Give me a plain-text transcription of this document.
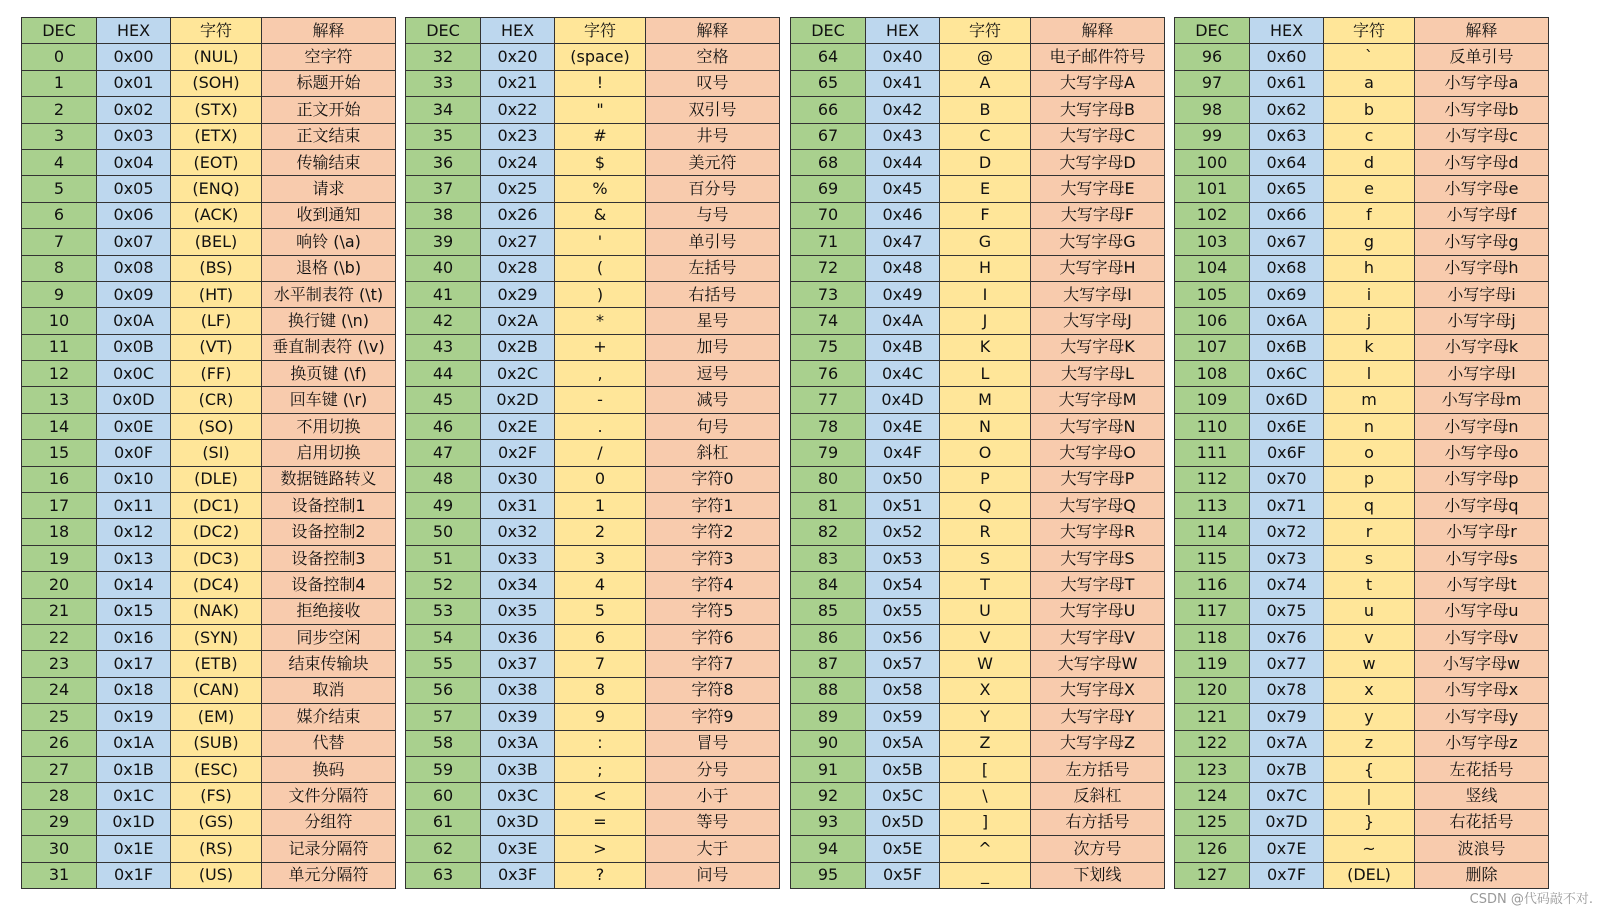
DEC	HEX	字符	解释
0	0x00	(NUL)	空字符
1	0x01	(SOH)	标题开始
2	0x02	(STX)	正文开始
3	0x03	(ETX)	正文结束
4	0x04	(EOT)	传输结束
5	0x05	(ENQ)	请求
6	0x06	(ACK)	收到通知
7	0x07	(BEL)	响铃 (\a)
8	0x08	(BS)	退格 (\b)
9	0x09	(HT)	水平制表符 (\t)
10	0x0A	(LF)	换行键 (\n)
11	0x0B	(VT)	垂直制表符 (\v)
12	0x0C	(FF)	换页键 (\f)
13	0x0D	(CR)	回车键 (\r)
14	0x0E	(SO)	不用切换
15	0x0F	(SI)	启用切换
16	0x10	(DLE)	数据链路转义
17	0x11	(DC1)	设备控制1
18	0x12	(DC2)	设备控制2
19	0x13	(DC3)	设备控制3
20	0x14	(DC4)	设备控制4
21	0x15	(NAK)	拒绝接收
22	0x16	(SYN)	同步空闲
23	0x17	(ETB)	结束传输块
24	0x18	(CAN)	取消
25	0x19	(EM)	媒介结束
26	0x1A	(SUB)	代替
27	0x1B	(ESC)	换码
28	0x1C	(FS)	文件分隔符
29	0x1D	(GS)	分组符
30	0x1E	(RS)	记录分隔符
31	0x1F	(US)	单元分隔符
DEC	HEX	字符	解释
32	0x20	(space)	空格
33	0x21	!	叹号
34	0x22	"	双引号
35	0x23	#	井号
36	0x24	$	美元符
37	0x25	%	百分号
38	0x26	&	与号
39	0x27	'	单引号
40	0x28	(	左括号
41	0x29	)	右括号
42	0x2A	*	星号
43	0x2B	+	加号
44	0x2C	,	逗号
45	0x2D	-	减号
46	0x2E	.	句号
47	0x2F	/	斜杠
48	0x30	0	字符0
49	0x31	1	字符1
50	0x32	2	字符2
51	0x33	3	字符3
52	0x34	4	字符4
53	0x35	5	字符5
54	0x36	6	字符6
55	0x37	7	字符7
56	0x38	8	字符8
57	0x39	9	字符9
58	0x3A	:	冒号
59	0x3B	;	分号
60	0x3C	<	小于
61	0x3D	=	等号
62	0x3E	>	大于
63	0x3F	?	问号
DEC	HEX	字符	解释
64	0x40	@	电子邮件符号
65	0x41	A	大写字母A
66	0x42	B	大写字母B
67	0x43	C	大写字母C
68	0x44	D	大写字母D
69	0x45	E	大写字母E
70	0x46	F	大写字母F
71	0x47	G	大写字母G
72	0x48	H	大写字母H
73	0x49	I	大写字母I
74	0x4A	J	大写字母J
75	0x4B	K	大写字母K
76	0x4C	L	大写字母L
77	0x4D	M	大写字母M
78	0x4E	N	大写字母N
79	0x4F	O	大写字母O
80	0x50	P	大写字母P
81	0x51	Q	大写字母Q
82	0x52	R	大写字母R
83	0x53	S	大写字母S
84	0x54	T	大写字母T
85	0x55	U	大写字母U
86	0x56	V	大写字母V
87	0x57	W	大写字母W
88	0x58	X	大写字母X
89	0x59	Y	大写字母Y
90	0x5A	Z	大写字母Z
91	0x5B	[	左方括号
92	0x5C	\	反斜杠
93	0x5D	]	右方括号
94	0x5E	^	次方号
95	0x5F	_	下划线
DEC	HEX	字符	解释
96	0x60	`	反单引号
97	0x61	a	小写字母a
98	0x62	b	小写字母b
99	0x63	c	小写字母c
100	0x64	d	小写字母d
101	0x65	e	小写字母e
102	0x66	f	小写字母f
103	0x67	g	小写字母g
104	0x68	h	小写字母h
105	0x69	i	小写字母i
106	0x6A	j	小写字母j
107	0x6B	k	小写字母k
108	0x6C	l	小写字母l
109	0x6D	m	小写字母m
110	0x6E	n	小写字母n
111	0x6F	o	小写字母o
112	0x70	p	小写字母p
113	0x71	q	小写字母q
114	0x72	r	小写字母r
115	0x73	s	小写字母s
116	0x74	t	小写字母t
117	0x75	u	小写字母u
118	0x76	v	小写字母v
119	0x77	w	小写字母w
120	0x78	x	小写字母x
121	0x79	y	小写字母y
122	0x7A	z	小写字母z
123	0x7B	{	左花括号
124	0x7C	|	竖线
125	0x7D	}	右花括号
126	0x7E	~	波浪号
127	0x7F	(DEL)	删除
CSDN @代码敲不对.
